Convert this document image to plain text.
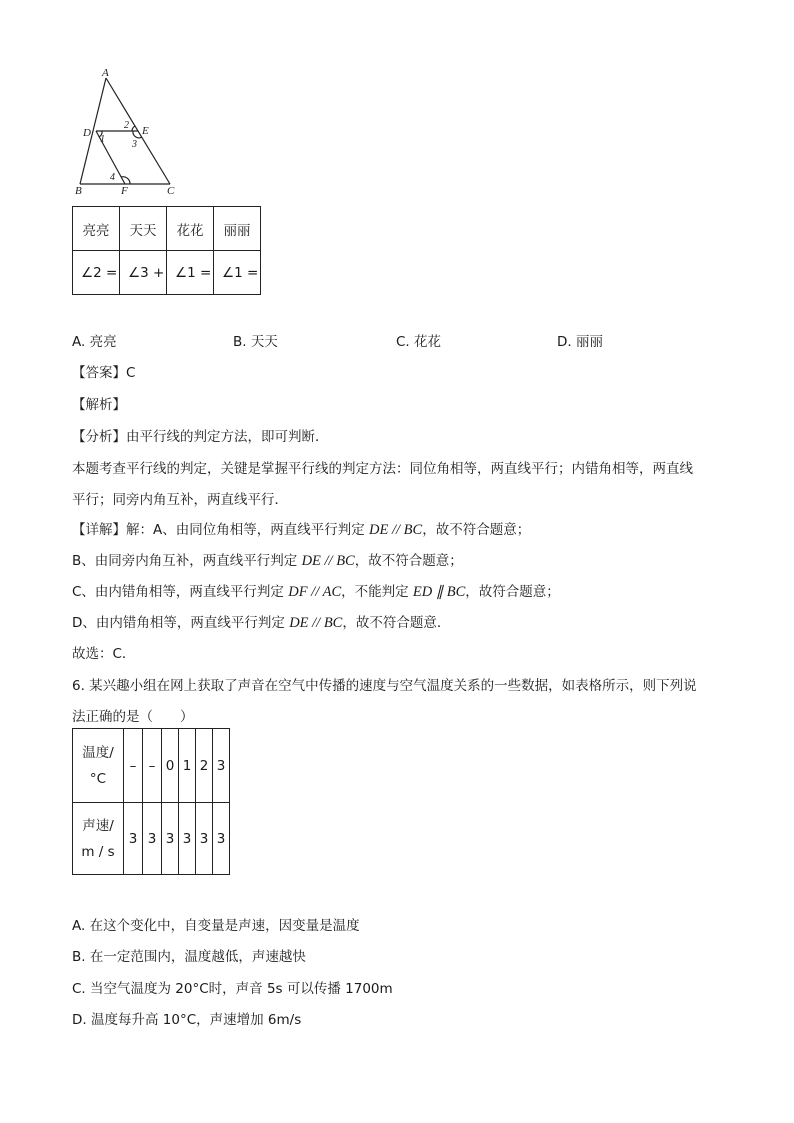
A
D	E
B	F	C
2
1	3
4
亮亮	天天	花花	丽丽

∠2 =	∠3 +	∠1 =	∠1 =
A. 亮亮	B. 天天	C. 花花	D. 丽丽
【答案】C
【解析】
【分析】由平行线的判定方法，即可判断．
本题考查平行线的判定，关键是掌握平行线的判定方法：同位角相等，两直线平行；内错角相等，两直线
平行；同旁内角互补，两直线平行．
【详解】解：A、由同位角相等，两直线平行判定 DE // BC，故不符合题意；
B、由同旁内角互补，两直线平行判定 DE // BC，故不符合题意；
C、由内错角相等，两直线平行判定 DF // AC，不能判定 ED ∥ BC，故符合题意；
D、由内错角相等，两直线平行判定 DE // BC，故不符合题意．
故选：C．
6. 某兴趣小组在网上获取了声音在空气中传播的速度与空气温度关系的一些数据，如表格所示，则下列说
法正确的是（　　）
温度/
°C	–	–	0	1	2	3

声速/
m / s	3	3	3	3	3	3
A. 在这个变化中，自变量是声速，因变量是温度
B. 在一定范围内，温度越低，声速越快
C. 当空气温度为 20°C时，声音 5s 可以传播 1700m
D. 温度每升高 10°C，声速增加 6m/s
